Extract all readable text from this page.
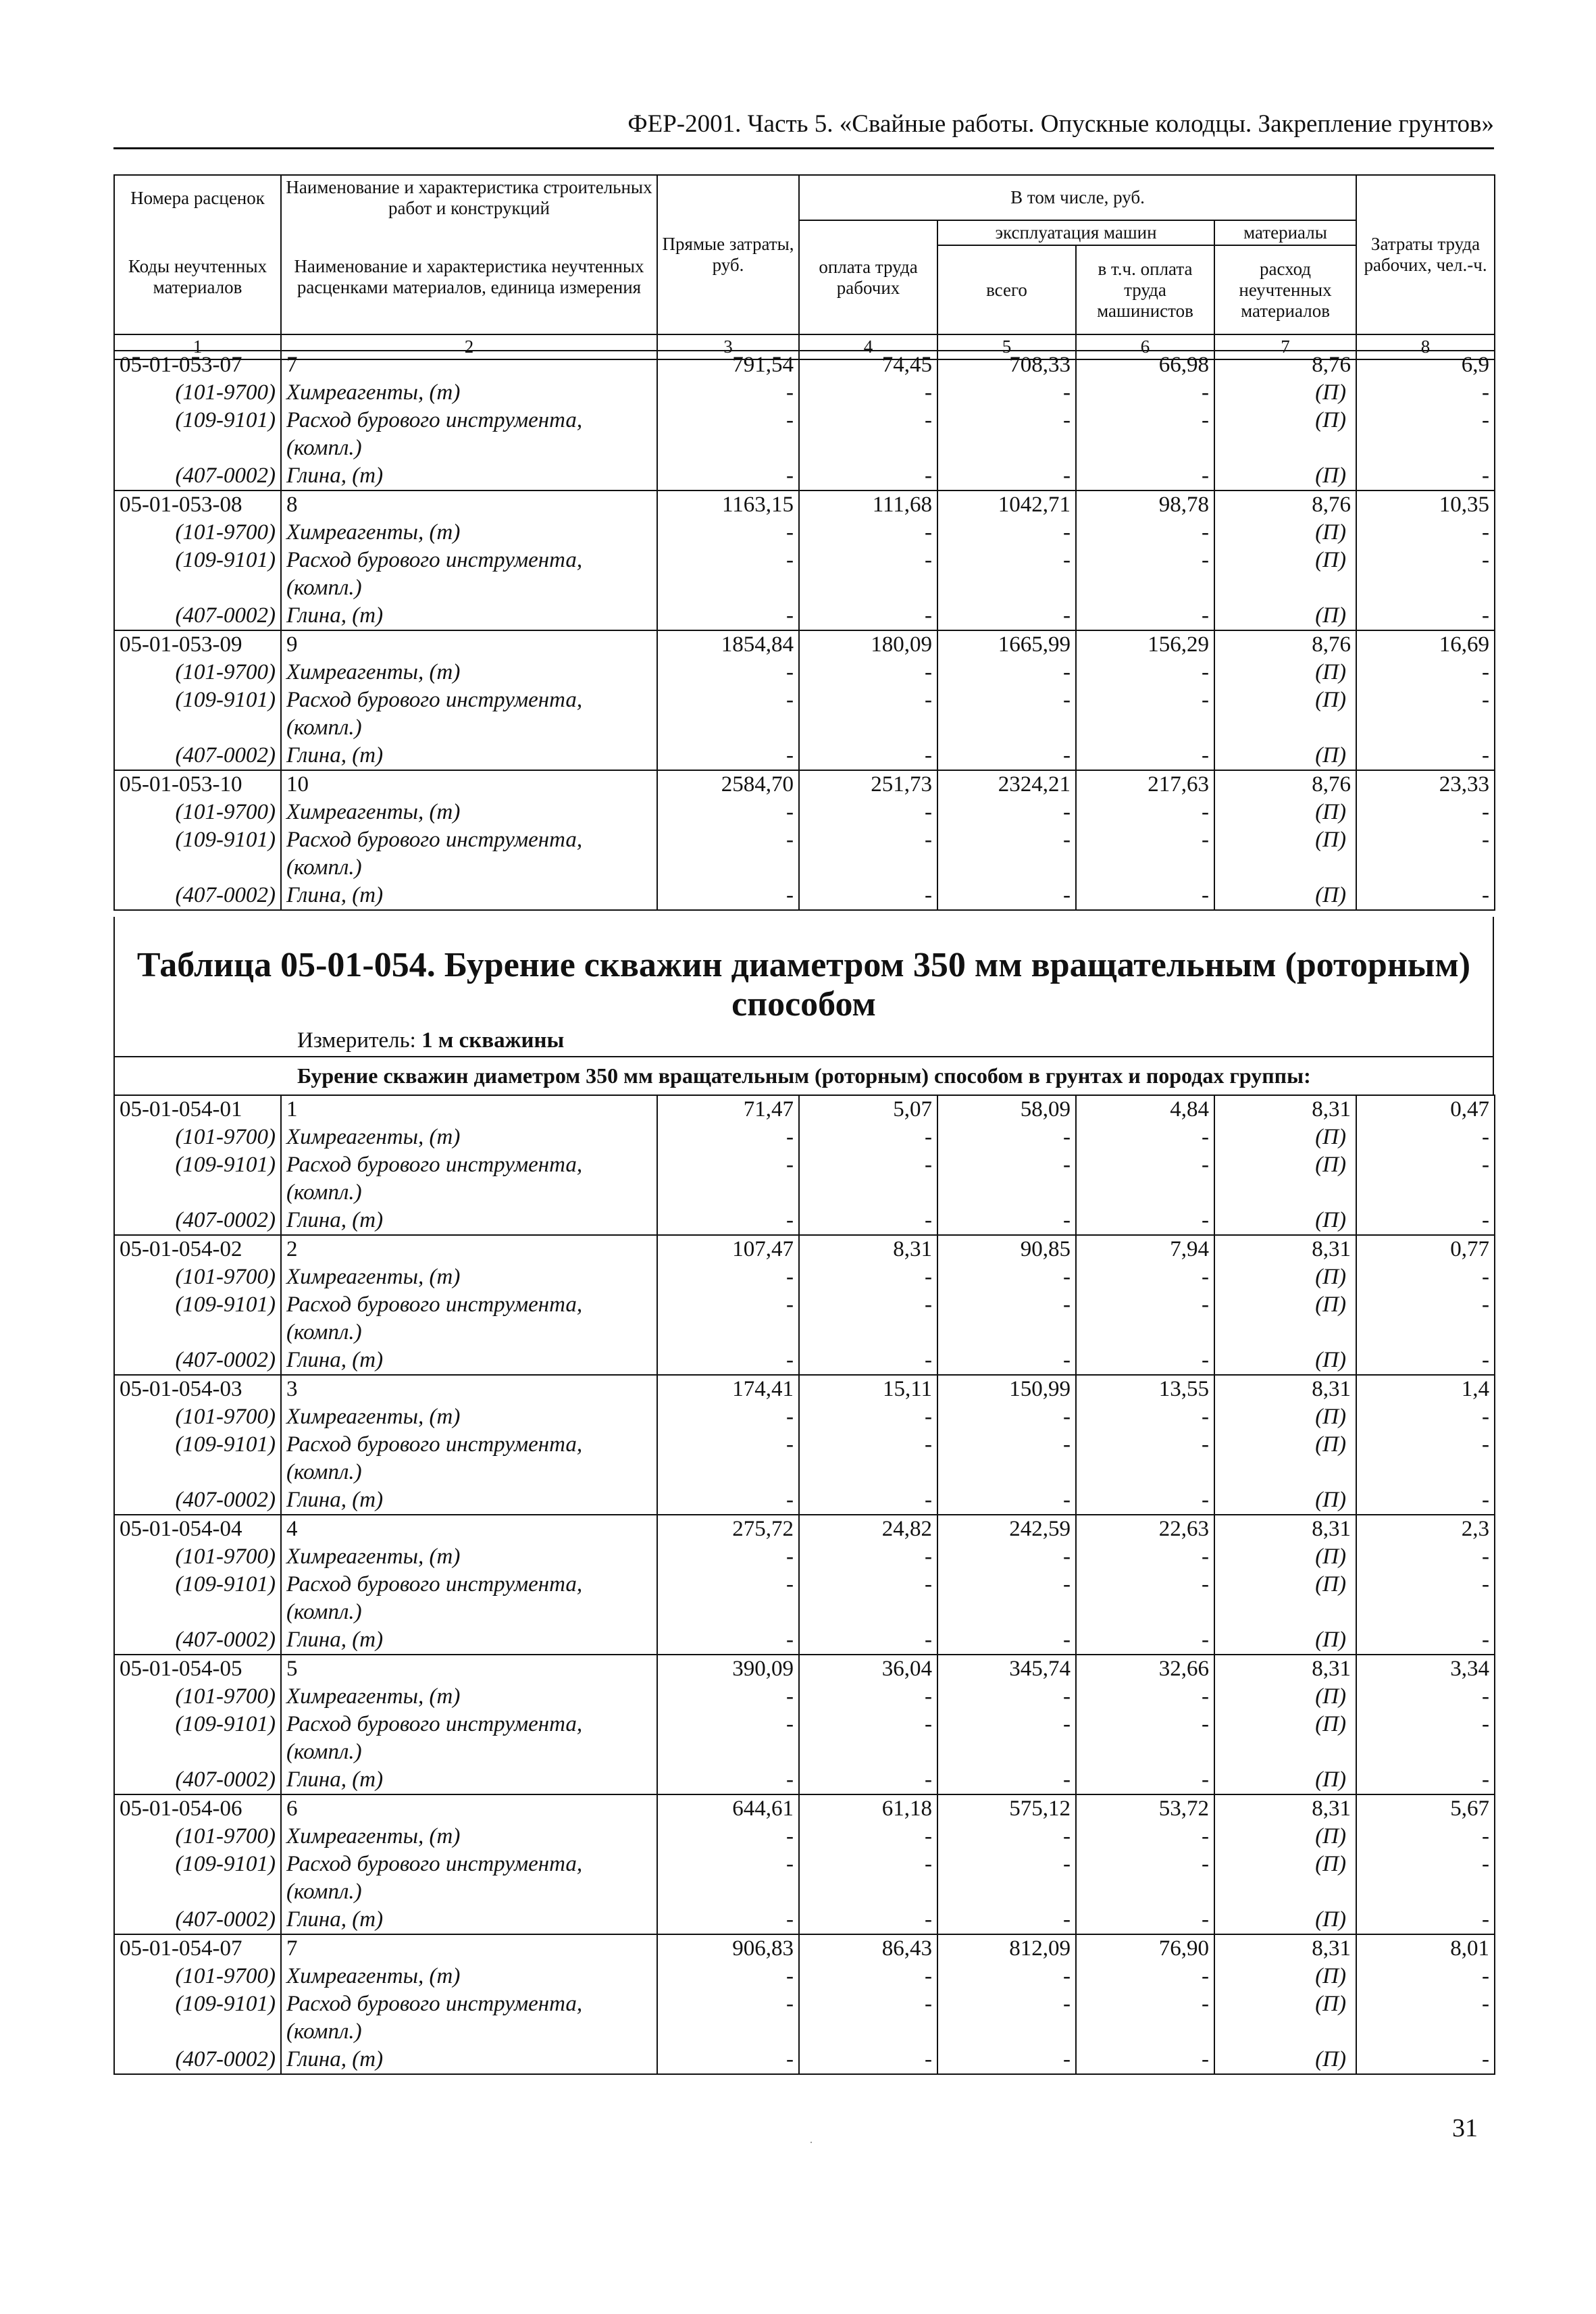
ФЕР-2001. Часть 5. «Свайные работы. Опускные колодцы. Закрепление грунтов»
Номера расценок	Наименование и характеристика строительных работ и конструкций	Прямые затраты, руб.	В том числе, руб.				Затраты труда рабочих, чел.-ч.
Коды неучтенных материалов	Наименование и характеристика неучтенных расценками материалов, единица измерения		оплата труда рабочих	эксплуатация машин		материалы	
				всего	в т.ч. оплата труда машинистов	расход неучтенных материалов	
1	2	3	4	5	6	7	8
05-01-053-07	7	791,54	74,45	708,33	66,98	8,76	6,9
(101-9700)	Химреагенты, (т)	-	-	-	-	(П)	-
(109-9101)	Расход бурового инструмента,
(компл.)	-	-	-	-	(П)	-
(407-0002)	Глина, (т)	-	-	-	-	(П)	-
05-01-053-08	8	1163,15	111,68	1042,71	98,78	8,76	10,35
(101-9700)	Химреагенты, (т)	-	-	-	-	(П)	-
(109-9101)	Расход бурового инструмента,
(компл.)	-	-	-	-	(П)	-
(407-0002)	Глина, (т)	-	-	-	-	(П)	-
05-01-053-09	9	1854,84	180,09	1665,99	156,29	8,76	16,69
(101-9700)	Химреагенты, (т)	-	-	-	-	(П)	-
(109-9101)	Расход бурового инструмента,
(компл.)	-	-	-	-	(П)	-
(407-0002)	Глина, (т)	-	-	-	-	(П)	-
05-01-053-10	10	2584,70	251,73	2324,21	217,63	8,76	23,33
(101-9700)	Химреагенты, (т)	-	-	-	-	(П)	-
(109-9101)	Расход бурового инструмента,
(компл.)	-	-	-	-	(П)	-
(407-0002)	Глина, (т)	-	-	-	-	(П)	-
Таблица 05-01-054. Бурение скважин диаметром 350 мм вращательным (роторным) способом
Измеритель: 1 м скважины
Бурение скважин диаметром 350 мм вращательным (роторным) способом в грунтах и породах группы:
05-01-054-01	1	71,47	5,07	58,09	4,84	8,31	0,47
(101-9700)	Химреагенты, (т)	-	-	-	-	(П)	-
(109-9101)	Расход бурового инструмента,
(компл.)	-	-	-	-	(П)	-
(407-0002)	Глина, (т)	-	-	-	-	(П)	-
05-01-054-02	2	107,47	8,31	90,85	7,94	8,31	0,77
(101-9700)	Химреагенты, (т)	-	-	-	-	(П)	-
(109-9101)	Расход бурового инструмента,
(компл.)	-	-	-	-	(П)	-
(407-0002)	Глина, (т)	-	-	-	-	(П)	-
05-01-054-03	3	174,41	15,11	150,99	13,55	8,31	1,4
(101-9700)	Химреагенты, (т)	-	-	-	-	(П)	-
(109-9101)	Расход бурового инструмента,
(компл.)	-	-	-	-	(П)	-
(407-0002)	Глина, (т)	-	-	-	-	(П)	-
05-01-054-04	4	275,72	24,82	242,59	22,63	8,31	2,3
(101-9700)	Химреагенты, (т)	-	-	-	-	(П)	-
(109-9101)	Расход бурового инструмента,
(компл.)	-	-	-	-	(П)	-
(407-0002)	Глина, (т)	-	-	-	-	(П)	-
05-01-054-05	5	390,09	36,04	345,74	32,66	8,31	3,34
(101-9700)	Химреагенты, (т)	-	-	-	-	(П)	-
(109-9101)	Расход бурового инструмента,
(компл.)	-	-	-	-	(П)	-
(407-0002)	Глина, (т)	-	-	-	-	(П)	-
05-01-054-06	6	644,61	61,18	575,12	53,72	8,31	5,67
(101-9700)	Химреагенты, (т)	-	-	-	-	(П)	-
(109-9101)	Расход бурового инструмента,
(компл.)	-	-	-	-	(П)	-
(407-0002)	Глина, (т)	-	-	-	-	(П)	-
05-01-054-07	7	906,83	86,43	812,09	76,90	8,31	8,01
(101-9700)	Химреагенты, (т)	-	-	-	-	(П)	-
(109-9101)	Расход бурового инструмента,
(компл.)	-	-	-	-	(П)	-
(407-0002)	Глина, (т)	-	-	-	-	(П)	-
31
